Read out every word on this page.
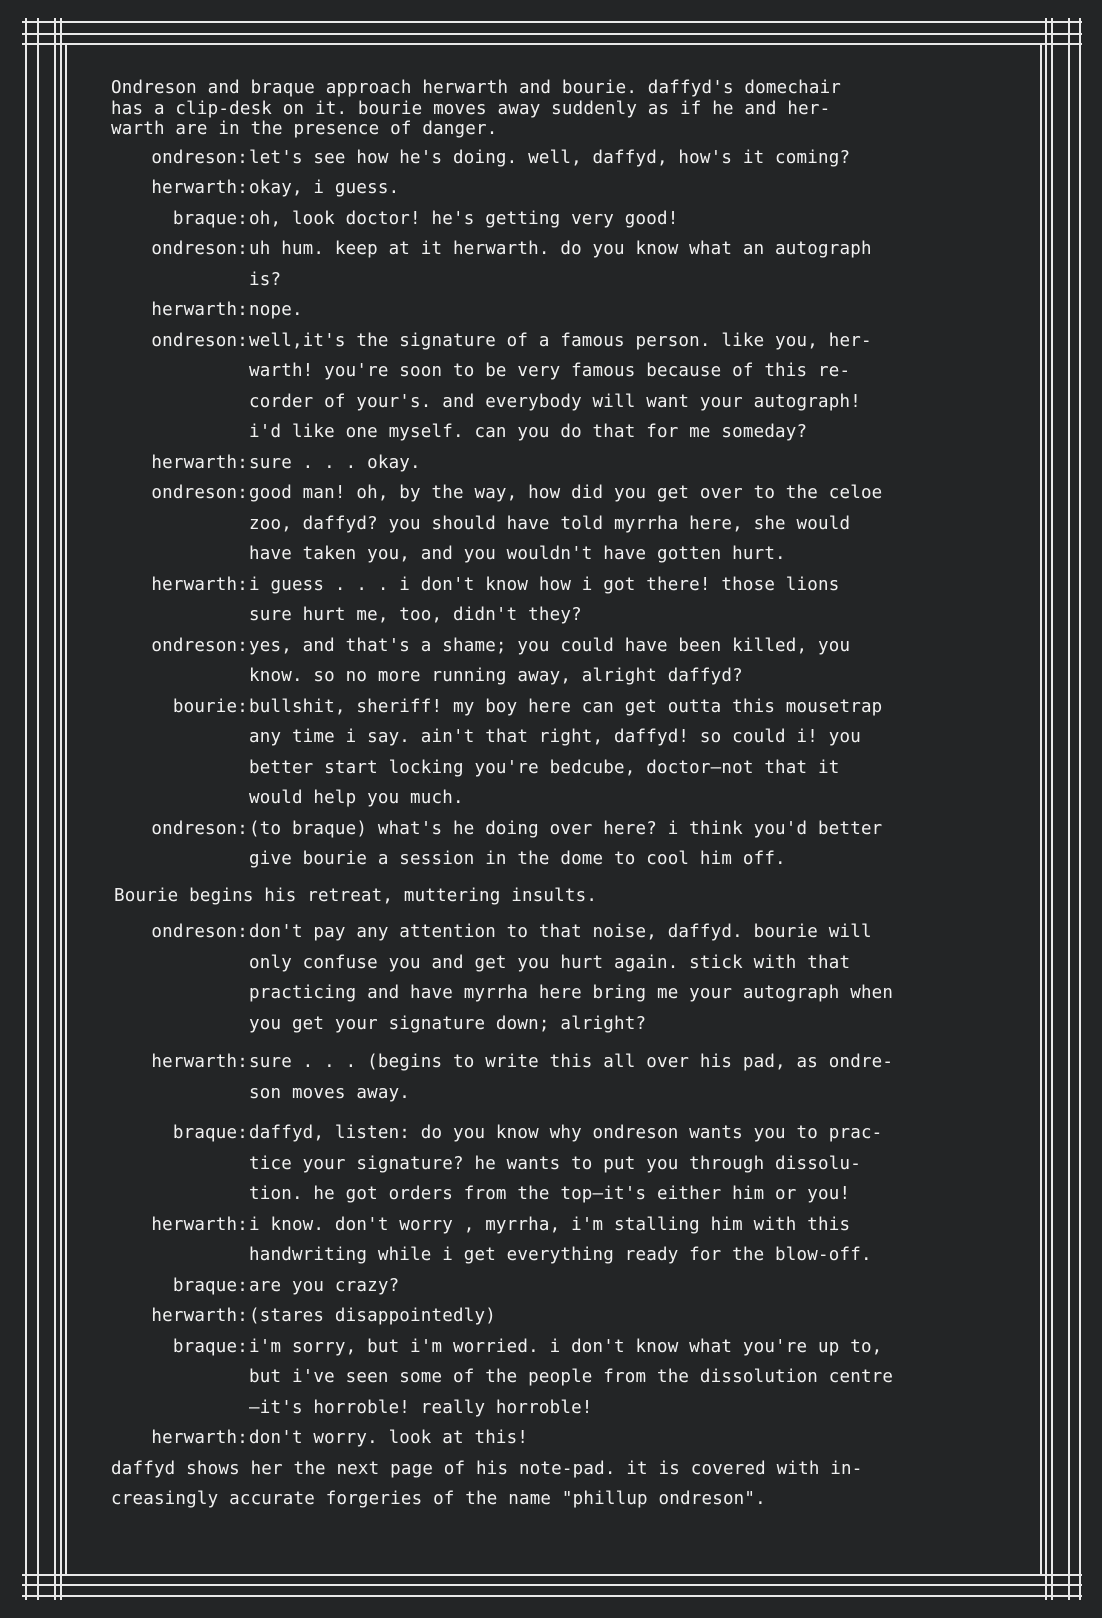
Ondreson and braque approach herwarth and bourie. daffyd's domechair
has a clip-desk on it. bourie moves away suddenly as if he and her-
warth are in the presence of danger.
ondreson: let's see how he's doing. well, daffyd, how's it coming?
herwarth: okay, i guess.
braque: oh, look doctor! he's getting very good!
ondreson: uh hum. keep at it herwarth. do you know what an autograph
is?
herwarth: nope.
ondreson: well,it's the signature of a famous person. like you, her-
warth! you're soon to be very famous because of this re-
corder of your's. and everybody will want your autograph!
i'd like one myself. can you do that for me someday?
herwarth: sure . . . okay.
ondreson: good man! oh, by the way, how did you get over to the celoe
zoo, daffyd? you should have told myrrha here, she would
have taken you, and you wouldn't have gotten hurt.
herwarth: i guess . . . i don't know how i got there! those lions
sure hurt me, too, didn't they?
ondreson: yes, and that's a shame; you could have been killed, you
know. so no more running away, alright daffyd?
bourie: bullshit, sheriff! my boy here can get outta this mousetrap
any time i say. ain't that right, daffyd! so could i! you
better start locking you're bedcube, doctor—not that it
would help you much.
ondreson: (to braque) what's he doing over here? i think you'd better
give bourie a session in the dome to cool him off.
Bourie begins his retreat, muttering insults.
ondreson: don't pay any attention to that noise, daffyd. bourie will
only confuse you and get you hurt again. stick with that
practicing and have myrrha here bring me your autograph when
you get your signature down; alright?
herwarth: sure . . . (begins to write this all over his pad, as ondre-
son moves away.
braque: daffyd, listen: do you know why ondreson wants you to prac-
tice your signature? he wants to put you through dissolu-
tion. he got orders from the top—it's either him or you!
herwarth: i know. don't worry , myrrha, i'm stalling him with this
handwriting while i get everything ready for the blow-off.
braque: are you crazy?
herwarth: (stares disappointedly)
braque: i'm sorry, but i'm worried. i don't know what you're up to,
but i've seen some of the people from the dissolution centre
—it's horroble! really horroble!
herwarth: don't worry. look at this!
daffyd shows her the next page of his note-pad. it is covered with in-
creasingly accurate forgeries of the name "phillup ondreson".
